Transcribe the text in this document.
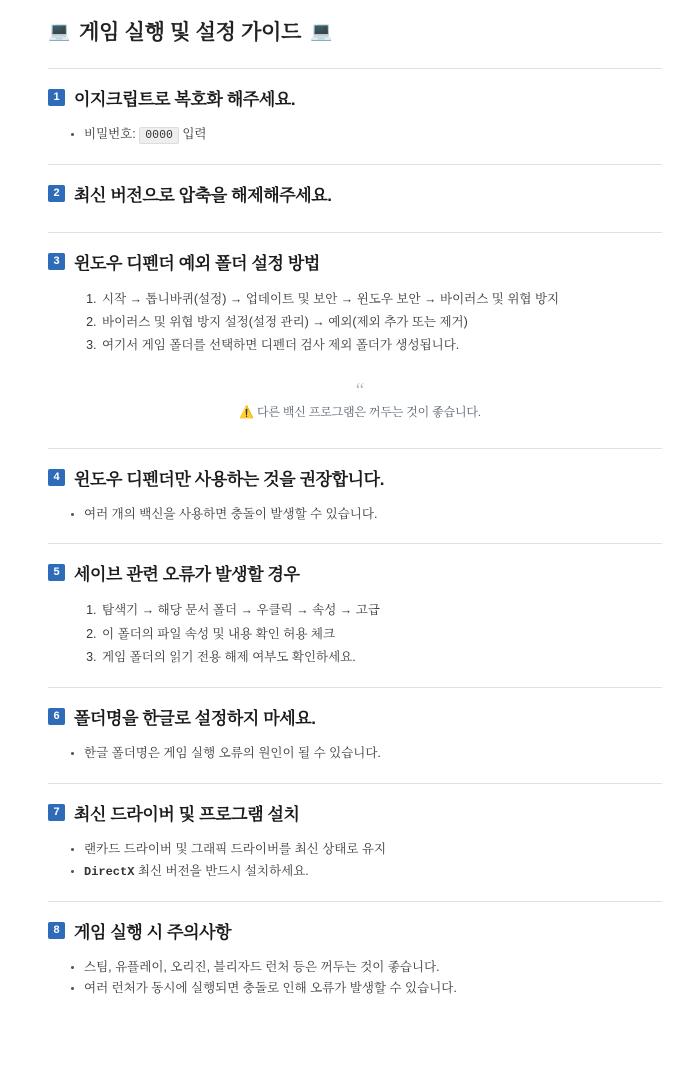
💻 게임 실행 및 설정 가이드 💻
1 이지크립트로 복호화 해주세요.
비밀번호: 0000 입력
2 최신 버전으로 압축을 해제해주세요.
3 윈도우 디펜더 예외 폴더 설정 방법
1. 시작 → 톱니바퀴(설정) → 업데이트 및 보안 → 윈도우 보안 → 바이러스 및 위협 방지
2. 바이러스 및 위협 방지 설정(설정 관리) → 예외(제외 추가 또는 제거)
3. 여기서 게임 폴더를 선택하면 디펜더 검사 제외 폴더가 생성됩니다.
“
⚠️ 다른 백신 프로그램은 꺼두는 것이 좋습니다.
4 윈도우 디펜더만 사용하는 것을 권장합니다.
여러 개의 백신을 사용하면 충돌이 발생할 수 있습니다.
5 세이브 관련 오류가 발생할 경우
1. 탐색기 → 해당 문서 폴더 → 우클릭 → 속성 → 고급
2. 이 폴더의 파일 속성 및 내용 확인 허용 체크
3. 게임 폴더의 읽기 전용 해제 여부도 확인하세요.
6 폴더명을 한글로 설정하지 마세요.
한글 폴더명은 게임 실행 오류의 원인이 될 수 있습니다.
7 최신 드라이버 및 프로그램 설치
랜카드 드라이버 및 그래픽 드라이버를 최신 상태로 유지
DirectX 최신 버전을 반드시 설치하세요.
8 게임 실행 시 주의사항
스팀, 유플레이, 오리진, 블리자드 런처 등은 꺼두는 것이 좋습니다.
여러 런처가 동시에 실행되면 충돌로 인해 오류가 발생할 수 있습니다.
